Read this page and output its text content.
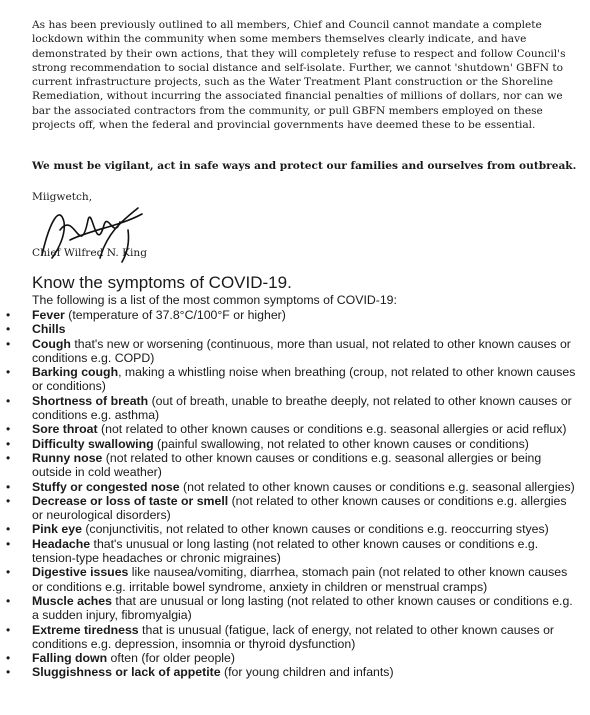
As has been previously outlined to all members, Chief and Council cannot mandate a complete lockdown within the community when some members themselves clearly indicate, and have demonstrated by their own actions, that they will completely refuse to respect and follow Council's strong recommendation to social distance and self-isolate. Further, we cannot 'shutdown' GBFN to current infrastructure projects, such as the Water Treatment Plant construction or the Shoreline Remediation, without incurring the associated financial penalties of millions of dollars, nor can we bar the associated contractors from the community, or pull GBFN members employed on these projects off, when the federal and provincial governments have deemed these to be essential.

We must be vigilant, act in safe ways and protect our families and ourselves from outbreak.
Miigwetch,
Chief Wilfred N. King
Know the symptoms of COVID-19.
The following is a list of the most common symptoms of COVID-19:
• Fever (temperature of 37.8°C/100°F or higher)
• Chills
• Cough that's new or worsening (continuous, more than usual, not related to other known causes or conditions e.g. COPD)
• Barking cough, making a whistling noise when breathing (croup, not related to other known causes or conditions)
• Shortness of breath (out of breath, unable to breathe deeply, not related to other known causes or conditions e.g. asthma)
• Sore throat (not related to other known causes or conditions e.g. seasonal allergies or acid reflux)
• Difficulty swallowing (painful swallowing, not related to other known causes or conditions)
• Runny nose (not related to other known causes or conditions e.g. seasonal allergies or being outside in cold weather)
• Stuffy or congested nose (not related to other known causes or conditions e.g. seasonal allergies)
• Decrease or loss of taste or smell (not related to other known causes or conditions e.g. allergies or neurological disorders)
• Pink eye (conjunctivitis, not related to other known causes or conditions e.g. reoccurring styes)
• Headache that's unusual or long lasting (not related to other known causes or conditions e.g. tension-type headaches or chronic migraines)
• Digestive issues like nausea/vomiting, diarrhea, stomach pain (not related to other known causes or conditions e.g. irritable bowel syndrome, anxiety in children or menstrual cramps)
• Muscle aches that are unusual or long lasting (not related to other known causes or conditions e.g. a sudden injury, fibromyalgia)
• Extreme tiredness that is unusual (fatigue, lack of energy, not related to other known causes or conditions e.g. depression, insomnia or thyroid dysfunction)
• Falling down often (for older people)
• Sluggishness or lack of appetite (for young children and infants)
